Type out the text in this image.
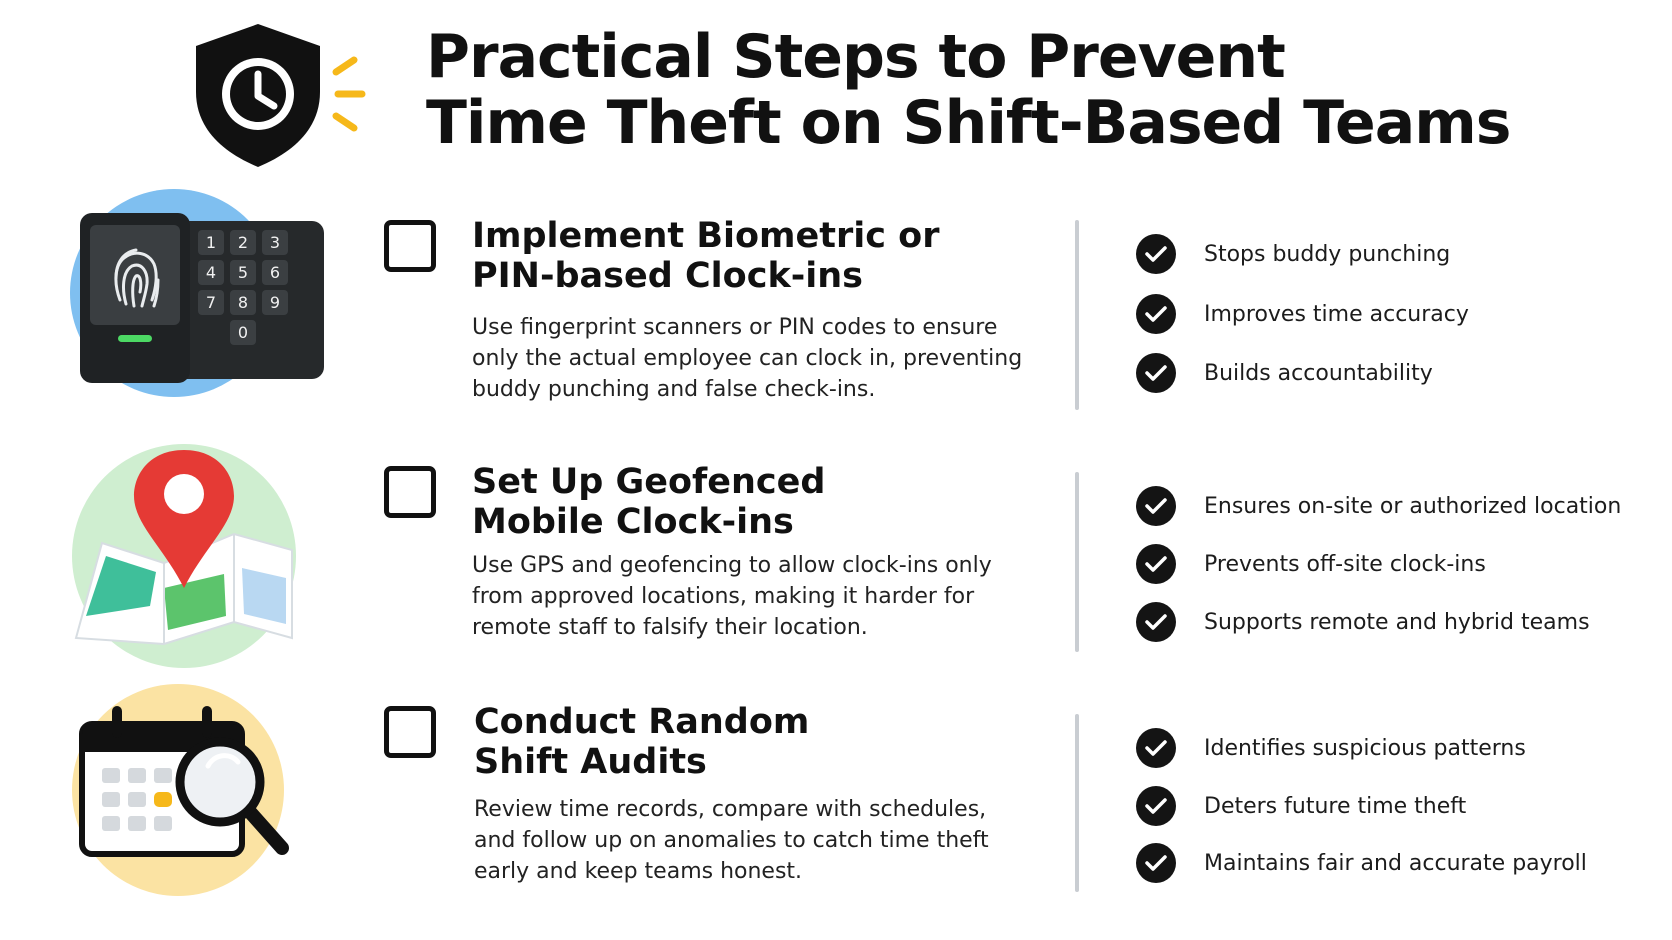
Practical Steps to Prevent
Time Theft on Shift-Based Teams
1	2	3
4	5	6
7	8	9
0
Implement Biometric or
PIN-based Clock-ins
Use fingerprint scanners or PIN codes to ensure only the actual employee can clock in, preventing buddy punching and false check-ins.
Stops buddy punching
Improves time accuracy
Builds accountability
Set Up Geofenced
Mobile Clock-ins
Use GPS and geofencing to allow clock-ins only from approved locations, making it harder for remote staff to falsify their location.
Ensures on-site or authorized location
Prevents off-site clock-ins
Supports remote and hybrid teams
Conduct Random
Shift Audits
Review time records, compare with schedules, and follow up on anomalies to catch time theft early and keep teams honest.
Identifies suspicious patterns
Deters future time theft
Maintains fair and accurate payroll
